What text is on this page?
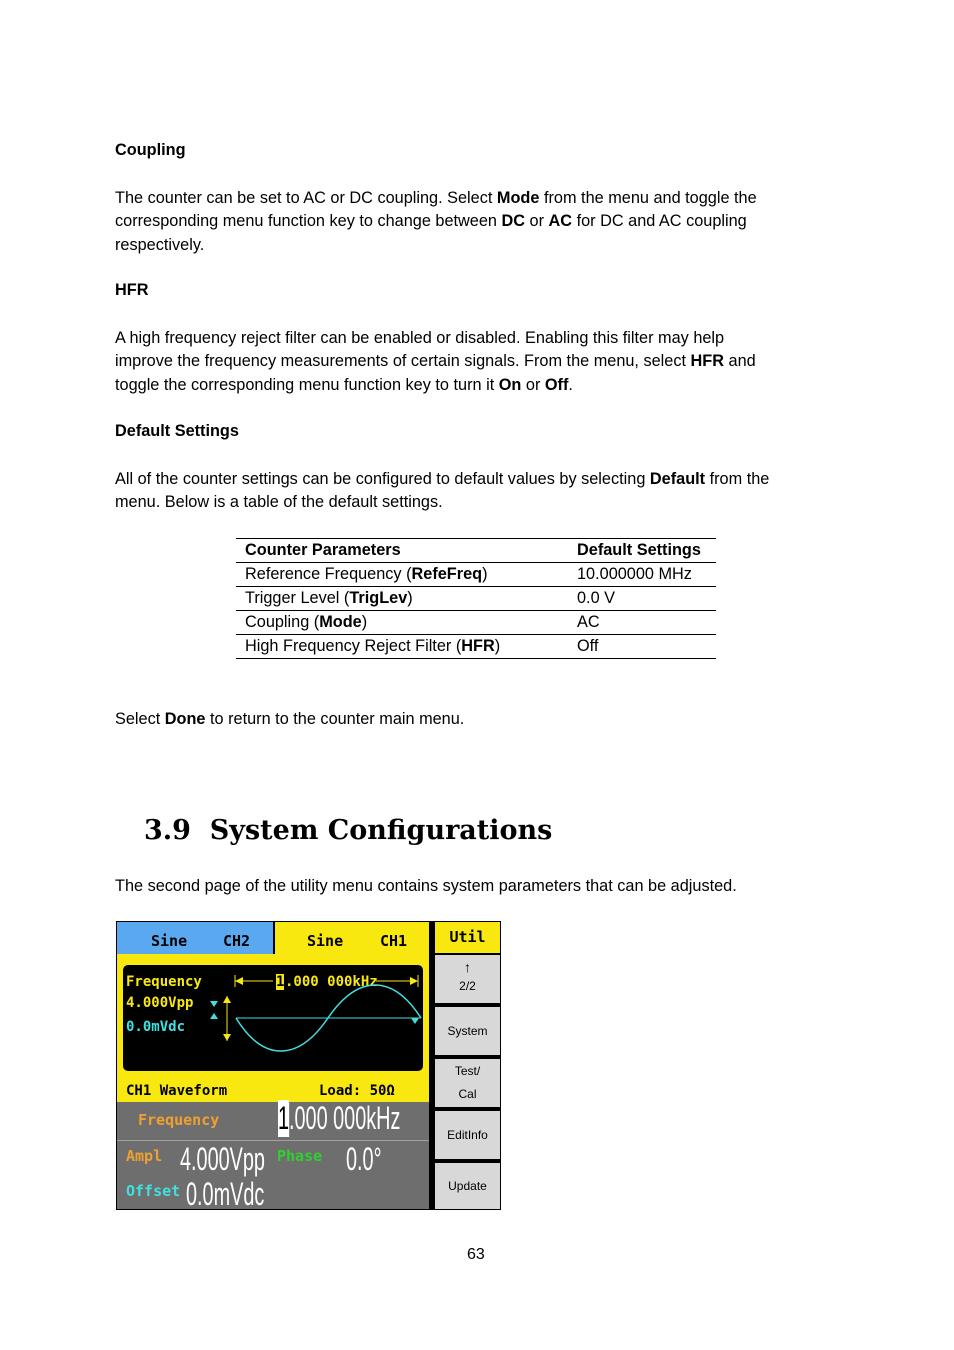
Coupling
The counter can be set to AC or DC coupling. Select Mode from the menu and toggle the
corresponding menu function key to change between DC or AC for DC and AC coupling
respectively.
HFR
A high frequency reject filter can be enabled or disabled. Enabling this filter may help
improve the frequency measurements of certain signals. From the menu, select HFR and
toggle the corresponding menu function key to turn it On or Off.
Default Settings
All of the counter settings can be configured to default values by selecting Default from the
menu. Below is a table of the default settings.
Counter Parameters	Default Settings
Reference Frequency (RefeFreq)	10.000000 MHz
Trigger Level (TrigLev)	0.0 V
Coupling (Mode)	AC
High Frequency Reject Filter (HFR)	Off
Select Done to return to the counter main menu.
3.9 System Configurations
The second page of the utility menu contains system parameters that can be adjusted.
Sine CH2	Sine CH1
Frequency
4.000Vpp
0.0mVdc
1 .000 000kHz
CH1 Waveform	Load: 50Ω
Frequency 1 .000 000kHz
Ampl 4.000Vpp Phase 0.0°
Offset 0.0mVdc
Util
↑
2/2
System
Test/
Cal
EditInfo
Update
63
